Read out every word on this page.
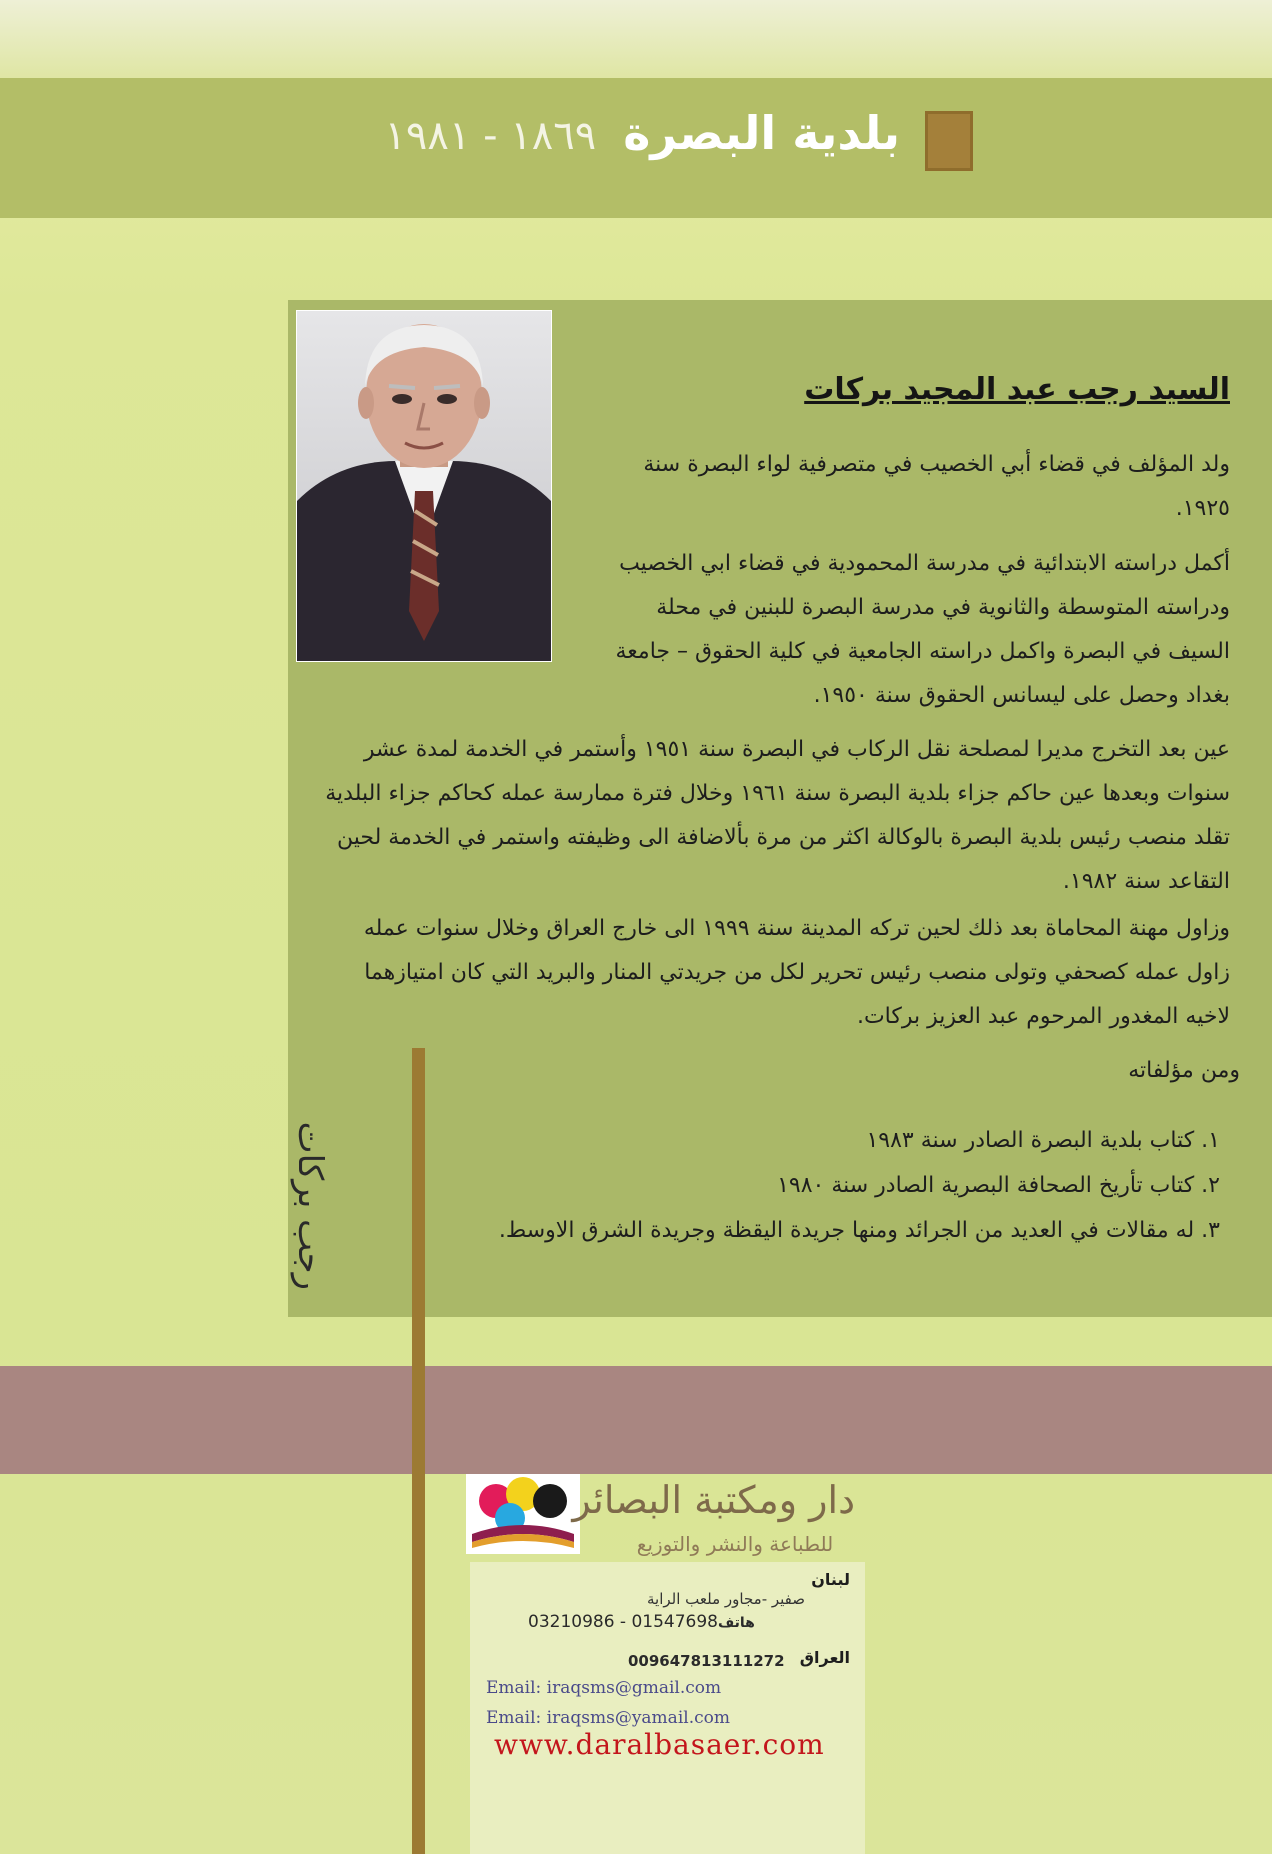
بلدية البصرة ١٨٦٩ - ١٩٨١
السيد رجب عبد المجيد بركات
ولد المؤلف في قضاء أبي الخصيب في متصرفية لواء البصرة سنة ١٩٢٥.
أكمل دراسته الابتدائية في مدرسة المحمودية في قضاء ابي الخصيب ودراسته المتوسطة والثانوية في مدرسة البصرة للبنين في محلة السيف في البصرة واكمل دراسته الجامعية في كلية الحقوق – جامعة بغداد وحصل على ليسانس الحقوق سنة ١٩٥٠.
عين بعد التخرج مديرا لمصلحة نقل الركاب في البصرة سنة ١٩٥١ وأستمر في الخدمة لمدة عشر سنوات وبعدها عين حاكم جزاء بلدية البصرة سنة ١٩٦١ وخلال فترة ممارسة عمله كحاكم جزاء البلدية تقلد منصب رئيس بلدية البصرة بالوكالة اكثر من مرة بألاضافة الى وظيفته واستمر في الخدمة لحين التقاعد سنة ١٩٨٢.
وزاول مهنة المحاماة بعد ذلك لحين تركه المدينة سنة ١٩٩٩ الى خارج العراق وخلال سنوات عمله زاول عمله كصحفي وتولى منصب رئيس تحرير لكل من جريدتي المنار والبريد التي كان امتيازهما لاخيه المغدور المرحوم عبد العزيز بركات.
ومن مؤلفاته
١. كتاب بلدية البصرة الصادر سنة ١٩٨٣
٢. كتاب تأريخ الصحافة البصرية الصادر سنة ١٩٨٠
٣. له مقالات في العديد من الجرائد ومنها جريدة اليقظة وجريدة الشرق الاوسط.
رجب بركات
دار ومكتبة البصائر
للطباعة والنشر والتوزيع
لبنان
صفير -مجاور ملعب الراية
03210986 - 01547698هاتف
العراق
009647813111272
Email: iraqsms@gmail.com
Email: iraqsms@yamail.com
www.daralbasaer.com
